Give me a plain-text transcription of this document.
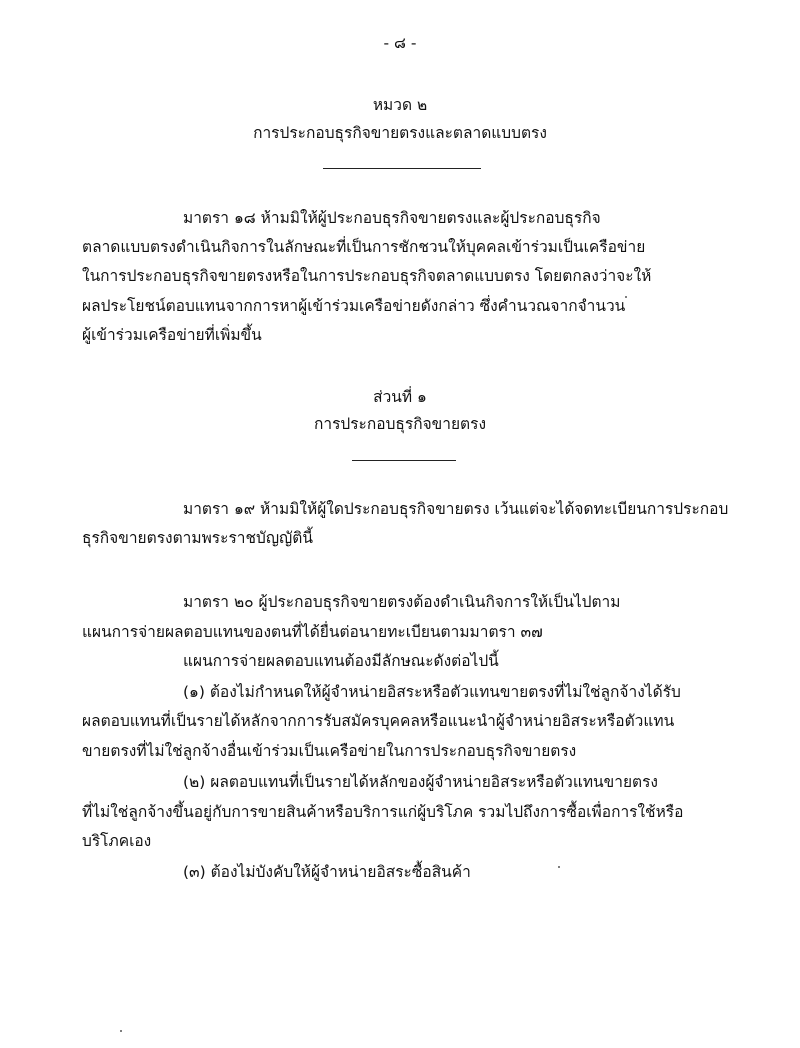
- ๘ -
หมวด ๒
การประกอบธุรกิจขายตรงและตลาดแบบตรง
มาตรา ๑๘ ห้ามมิให้ผู้ประกอบธุรกิจขายตรงและผู้ประกอบธุรกิจ
ตลาดแบบตรงดำเนินกิจการในลักษณะที่เป็นการชักชวนให้บุคคลเข้าร่วมเป็นเครือข่าย
ในการประกอบธุรกิจขายตรงหรือในการประกอบธุรกิจตลาดแบบตรง โดยตกลงว่าจะให้
ผลประโยชน์ตอบแทนจากการหาผู้เข้าร่วมเครือข่ายดังกล่าว ซึ่งคำนวณจากจำนวน
ผู้เข้าร่วมเครือข่ายที่เพิ่มขึ้น
ส่วนที่ ๑
การประกอบธุรกิจขายตรง
มาตรา ๑๙ ห้ามมิให้ผู้ใดประกอบธุรกิจขายตรง เว้นแต่จะได้จดทะเบียนการประกอบ
ธุรกิจขายตรงตามพระราชบัญญัตินี้
มาตรา ๒๐ ผู้ประกอบธุรกิจขายตรงต้องดำเนินกิจการให้เป็นไปตาม
แผนการจ่ายผลตอบแทนของตนที่ได้ยื่นต่อนายทะเบียนตามมาตรา ๓๗
แผนการจ่ายผลตอบแทนต้องมีลักษณะดังต่อไปนี้
(๑) ต้องไม่กำหนดให้ผู้จำหน่ายอิสระหรือตัวแทนขายตรงที่ไม่ใช่ลูกจ้างได้รับ
ผลตอบแทนที่เป็นรายได้หลักจากการรับสมัครบุคคลหรือแนะนำผู้จำหน่ายอิสระหรือตัวแทน
ขายตรงที่ไม่ใช่ลูกจ้างอื่นเข้าร่วมเป็นเครือข่ายในการประกอบธุรกิจขายตรง
(๒) ผลตอบแทนที่เป็นรายได้หลักของผู้จำหน่ายอิสระหรือตัวแทนขายตรง
ที่ไม่ใช่ลูกจ้างขึ้นอยู่กับการขายสินค้าหรือบริการแก่ผู้บริโภค รวมไปถึงการซื้อเพื่อการใช้หรือ
บริโภคเอง
(๓) ต้องไม่บังคับให้ผู้จำหน่ายอิสระซื้อสินค้า
